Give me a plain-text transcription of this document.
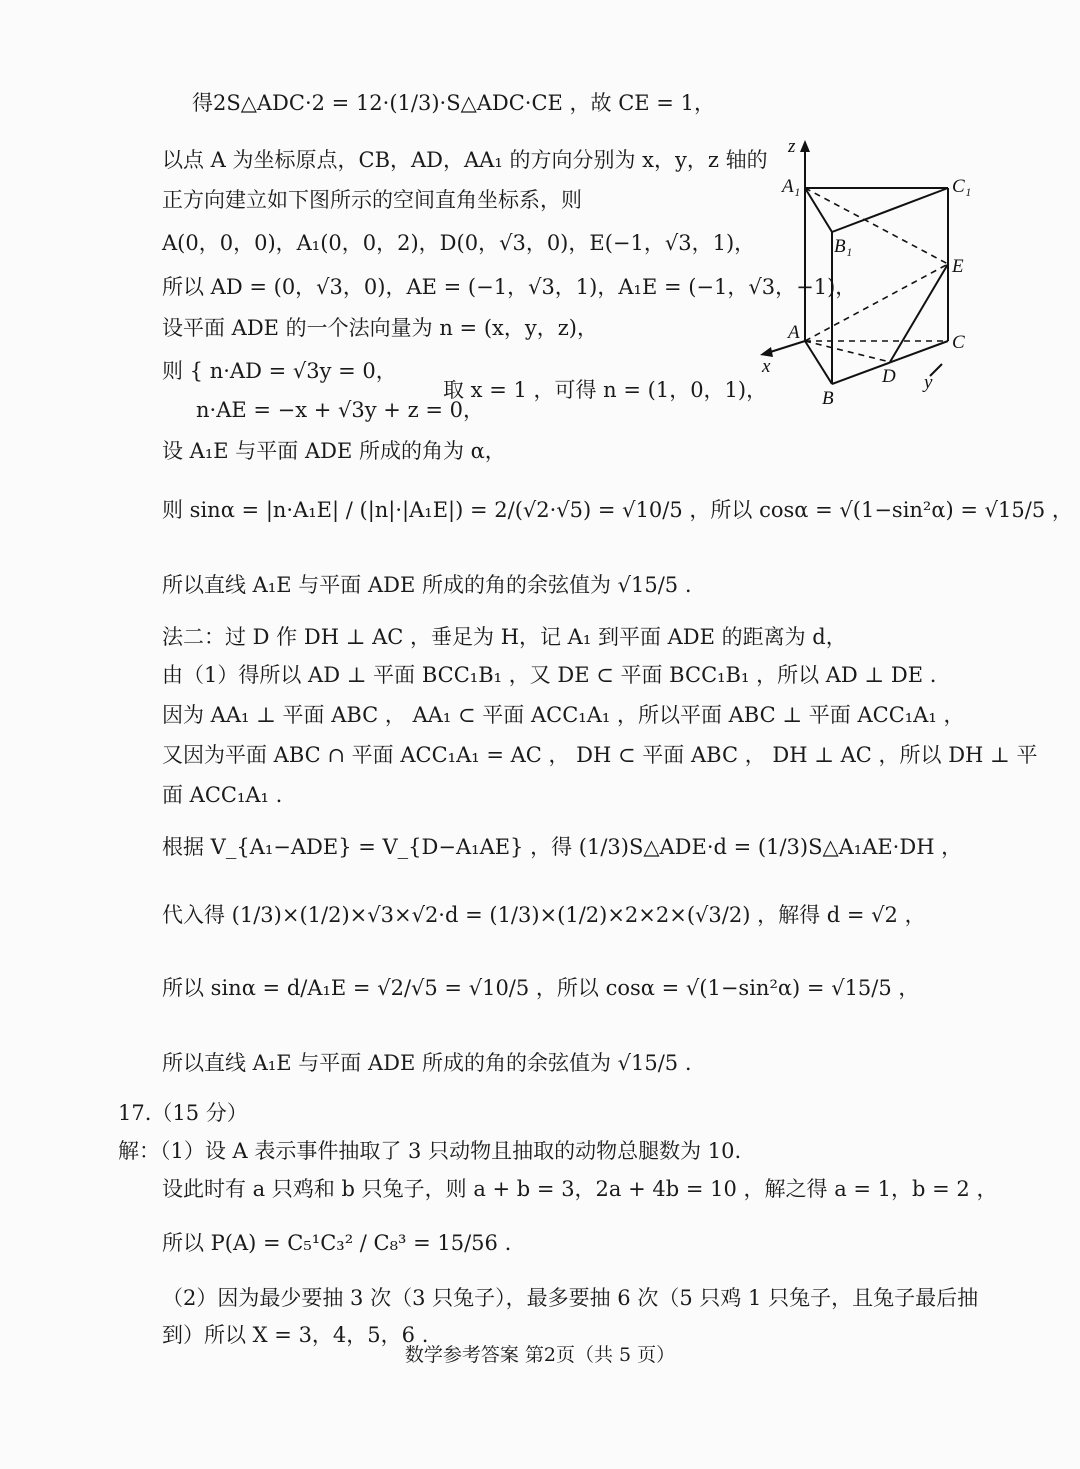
得2S△ADC·2 = 12·(1/3)·S△ADC·CE ，故 CE = 1，
以点 A 为坐标原点，CB，AD，AA₁ 的方向分别为 x，y，z 轴的
正方向建立如下图所示的空间直角坐标系，则
A(0，0，0)，A₁(0，0，2)，D(0，√3，0)，E(−1，√3，1)，
所以 AD = (0，√3，0)，AE = (−1，√3，1)，A₁E = (−1，√3，−1)，
设平面 ADE 的一个法向量为 n = (x，y，z)，
则 { n·AD = √3y = 0，
n·AE = −x + √3y + z = 0，
取 x = 1 ，可得 n = (1，0，1)，
设 A₁E 与平面 ADE 所成的角为 α，
则 sinα = |n·A₁E| / (|n|·|A₁E|) = 2/(√2·√5) = √10/5 ，所以 cosα = √(1−sin²α) = √15/5 ，
所以直线 A₁E 与平面 ADE 所成的角的余弦值为 √15/5 .
法二：过 D 作 DH ⊥ AC ，垂足为 H，记 A₁ 到平面 ADE 的距离为 d，
由（1）得所以 AD ⊥ 平面 BCC₁B₁ ，又 DE ⊂ 平面 BCC₁B₁ ，所以 AD ⊥ DE .
因为 AA₁ ⊥ 平面 ABC ， AA₁ ⊂ 平面 ACC₁A₁ ，所以平面 ABC ⊥ 平面 ACC₁A₁ ，
又因为平面 ABC ∩ 平面 ACC₁A₁ = AC ， DH ⊂ 平面 ABC ， DH ⊥ AC ，所以 DH ⊥ 平
面 ACC₁A₁ .
根据 V_{A₁−ADE} = V_{D−A₁AE} ，得 (1/3)S△ADE·d = (1/3)S△A₁AE·DH ，
代入得 (1/3)×(1/2)×√3×√2·d = (1/3)×(1/2)×2×2×(√3/2) ，解得 d = √2 ，
所以 sinα = d/A₁E = √2/√5 = √10/5 ，所以 cosα = √(1−sin²α) = √15/5 ，
所以直线 A₁E 与平面 ADE 所成的角的余弦值为 √15/5 .
17.（15 分）
解：（1）设 A 表示事件抽取了 3 只动物且抽取的动物总腿数为 10.
设此时有 a 只鸡和 b 只兔子，则 a + b = 3，2a + 4b = 10 ，解之得 a = 1，b = 2 ，
所以 P(A) = C₅¹C₃² / C₈³ = 15/56 .
（2）因为最少要抽 3 次（3 只兔子），最多要抽 6 次（5 只鸡 1 只兔子，且兔子最后抽
到）所以 X = 3，4，5，6 .
z
A₁	C₁
B₁
E
A	C
x	D y
B
数学参考答案 第2页（共 5 页）
